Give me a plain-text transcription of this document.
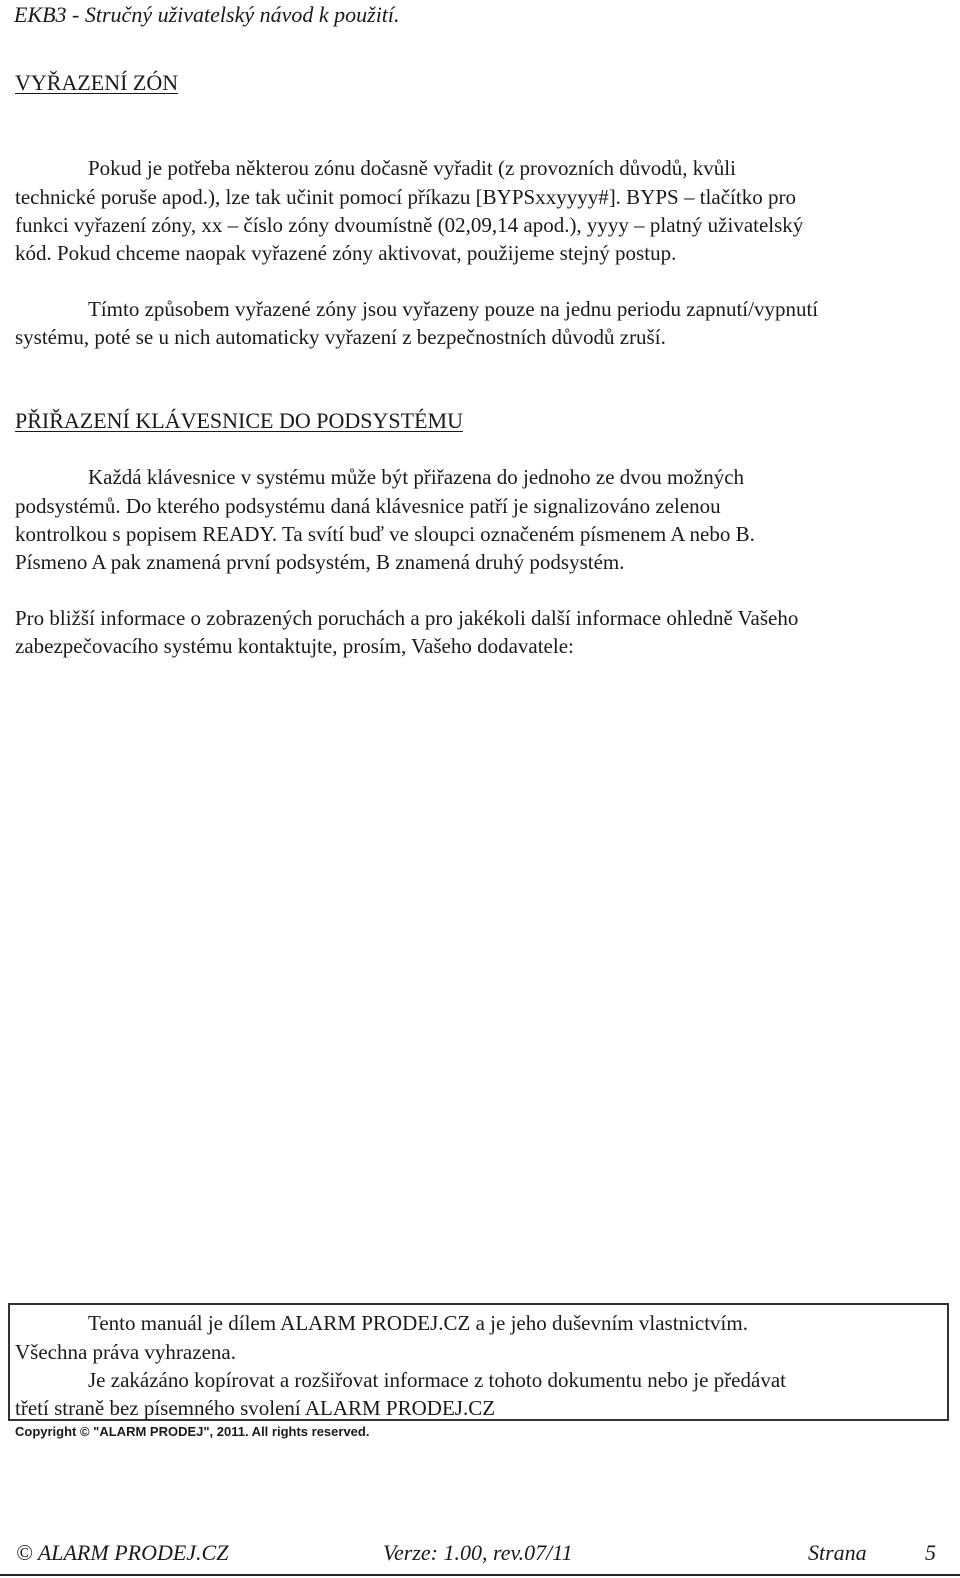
EKB3 - Stručný uživatelský návod k použití.
VYŘAZENÍ ZÓN
Pokud je potřeba některou zónu dočasně vyřadit (z provozních důvodů, kvůli
technické poruše apod.), lze tak učinit pomocí příkazu [BYPSxxyyyy#]. BYPS – tlačítko pro
funkci vyřazení zóny, xx – číslo zóny dvoumístně (02,09,14 apod.), yyyy – platný uživatelský
kód. Pokud chceme naopak vyřazené zóny aktivovat, použijeme stejný postup.
Tímto způsobem vyřazené zóny jsou vyřazeny pouze na jednu periodu zapnutí/vypnutí
systému, poté se u nich automaticky vyřazení z bezpečnostních důvodů zruší.
PŘIŘAZENÍ KLÁVESNICE DO PODSYSTÉMU
Každá klávesnice v systému může být přiřazena do jednoho ze dvou možných
podsystémů. Do kterého podsystému daná klávesnice patří je signalizováno zelenou
kontrolkou s popisem READY. Ta svítí buď ve sloupci označeném písmenem A nebo B.
Písmeno A pak znamená první podsystém, B znamená druhý podsystém.
Pro bližší informace o zobrazených poruchách a pro jakékoli další informace ohledně Vašeho
zabezpečovacího systému kontaktujte, prosím, Vašeho dodavatele:
Tento manuál je dílem ALARM PRODEJ.CZ a je jeho duševním vlastnictvím.
Všechna práva vyhrazena.
Je zakázáno kopírovat a rozšiřovat informace z tohoto dokumentu nebo je předávat
třetí straně bez písemného svolení ALARM PRODEJ.CZ
Copyright © "ALARM PRODEJ", 2011. All rights reserved.
© ALARM PRODEJ.CZ	Verze: 1.00, rev.07/11	Strana	5
